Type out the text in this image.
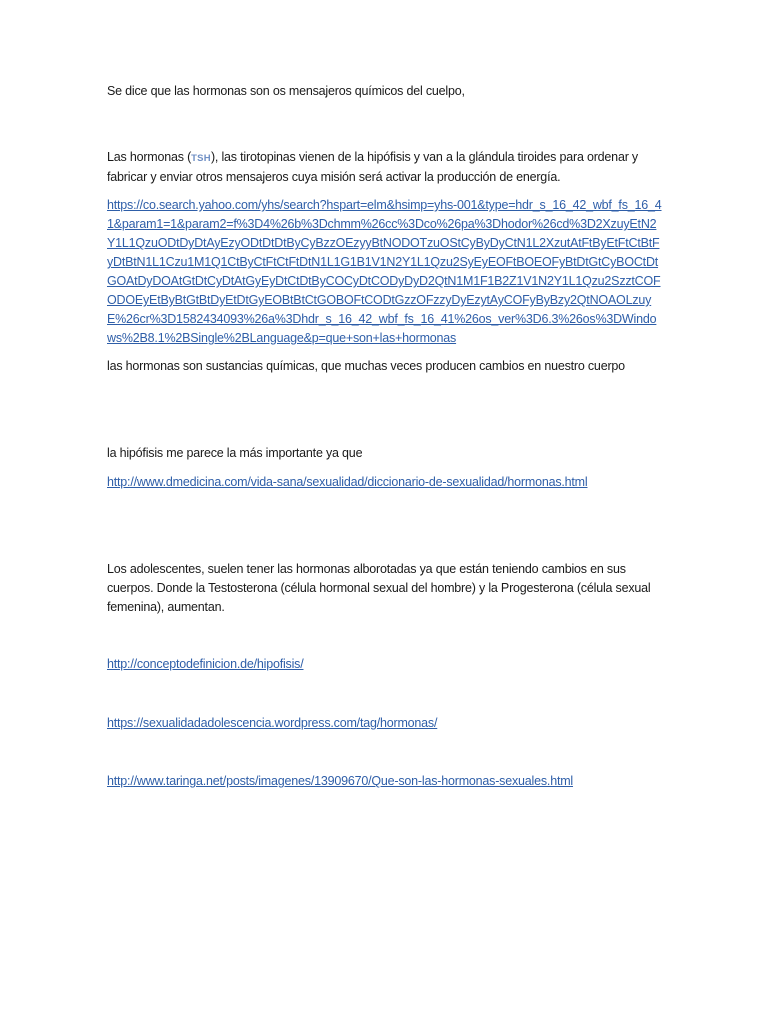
Se dice que las hormonas son os mensajeros químicos del cuelpo,

Las hormonas (TSH), las tirotopinas vienen de la hipófisis y van a la glándula tiroides para ordenar y fabricar y enviar otros mensajeros cuya misión será activar la producción de energía.

https://co.search.yahoo.com/yhs/search?hspart=elm&hsimp=yhs-001&type=hdr_s_16_42_wbf_fs_16_41&param1=1&param2=f%3D4%26b%3Dchmm%26cc%3Dco%26pa%3Dhodor%26cd%3D2XzuyEtN2Y1L1QzuODtDyDtAyEzyODtDtDtByCyBzzOEzyyBtNODOTzuOStCyByDyCtN1L2XzutAtFtByEtFtCtBtFyDtBtN1L1Czu1M1Q1CtByCtFtCtFtDtN1L1G1B1V1N2Y1L1Qzu2SyEyEOFtBOEOFyBtDtGtCyBOCtDtGOAtDyDOAtGtDtCyDtAtGyEyDtCtDtByCOCyDtCODyDyD2QtN1M1F1B2Z1V1N2Y1L1Qzu2SzztCOFODOEyEtByBtGtBtDyEtDtGyEOBtBtCtGOBOFtCODtGzzOFzzyDyEzytAyCOFyByBzy2QtNOAOLzuyE%26cr%3D1582434093%26a%3Dhdr_s_16_42_wbf_fs_16_41%26os_ver%3D6.3%26os%3DWindows%2B8.1%2BSingle%2BLanguage&p=que+son+las+hormonas

las hormonas son sustancias químicas, que muchas veces producen cambios en nuestro cuerpo

la hipófisis me parece la más importante ya que

http://www.dmedicina.com/vida-sana/sexualidad/diccionario-de-sexualidad/hormonas.html

Los adolescentes, suelen tener las hormonas alborotadas ya que están teniendo cambios en sus cuerpos. Donde la Testosterona (célula hormonal sexual del hombre) y la Progesterona (célula sexual femenina), aumentan.

http://conceptodefinicion.de/hipofisis/

https://sexualidadadolescencia.wordpress.com/tag/hormonas/

http://www.taringa.net/posts/imagenes/13909670/Que-son-las-hormonas-sexuales.html
